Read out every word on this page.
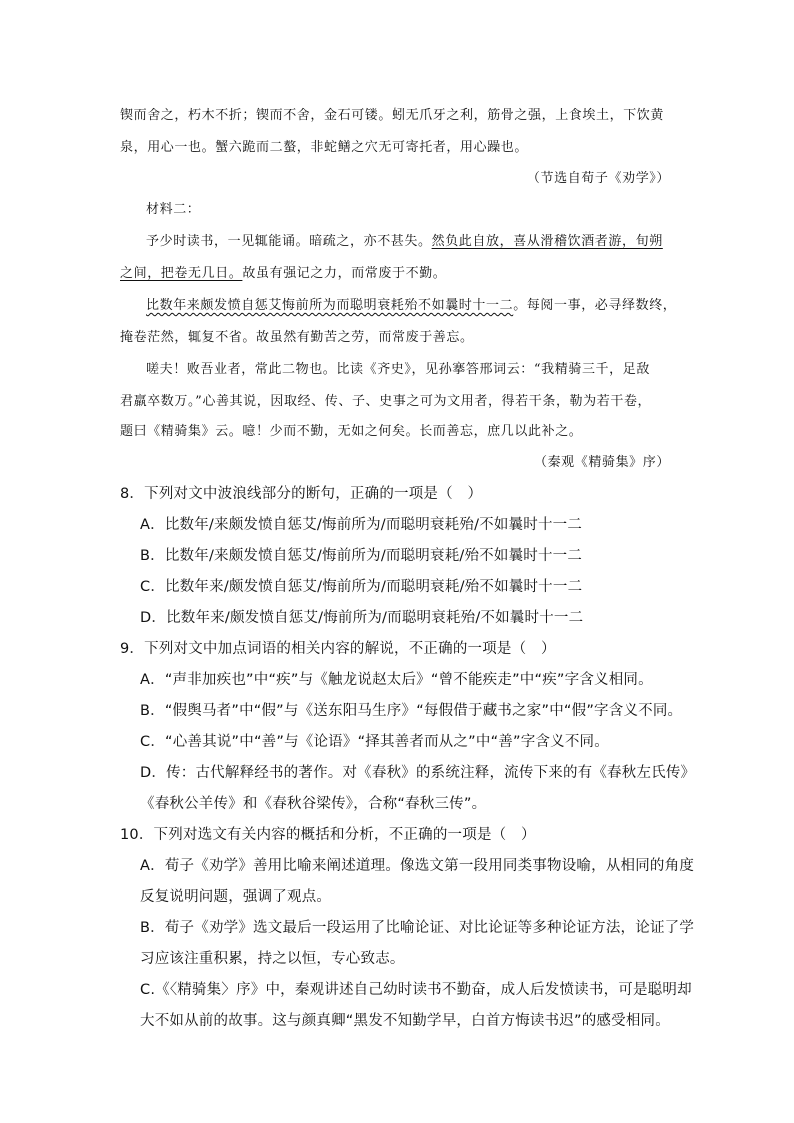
锲而舍之，朽木不折；锲而不舍，金石可镂。蚓无爪牙之利，筋骨之强，上食埃土，下饮黄
泉，用心一也。蟹六跪而二螯，非蛇鳝之穴无可寄托者，用心躁也。
（节选自荀子《劝学》）
材料二：
予少时读书，一见辄能诵。暗疏之，亦不甚失。然负此自放，喜从滑稽饮酒者游，旬朔
之间，把卷无几日。故虽有强记之力，而常废于不勤。
比数年来颇发愤自惩艾悔前所为而聪明衰耗殆不如曩时十一二。每阅一事，必寻绎数终，
掩卷茫然，辄复不省。故虽然有勤苦之劳，而常废于善忘。
嗟夫！败吾业者，常此二物也。比读《齐史》，见孙搴答邢词云：“我精骑三千，足敌
君羸卒数万。”心善其说，因取经、传、子、史事之可为文用者，得若干条，勒为若干卷，
题曰《精骑集》云。噫！少而不勤，无如之何矣。长而善忘，庶几以此补之。
（秦观《精骑集》序）
8．下列对文中波浪线部分的断句，正确的一项是（　）
A．比数年/来颇发愤自惩艾/悔前所为/而聪明衰耗殆/不如曩时十一二
B．比数年/来颇发愤自惩艾/悔前所为/而聪明衰耗/殆不如曩时十一二
C．比数年来/颇发愤自惩艾/悔前所为/而聪明衰耗/殆不如曩时十一二
D．比数年来/颇发愤自惩艾/悔前所为/而聪明衰耗殆/不如曩时十一二
9．下列对文中加点词语的相关内容的解说，不正确的一项是（　）
A．“声非加疾也”中“疾”与《触龙说赵太后》“曾不能疾走”中“疾”字含义相同。
B．“假舆马者”中“假”与《送东阳马生序》“每假借于藏书之家”中“假”字含义不同。
C．“心善其说”中“善”与《论语》“择其善者而从之”中“善”字含义不同。
D．传：古代解释经书的著作。对《春秋》的系统注释，流传下来的有《春秋左氏传》
《春秋公羊传》和《春秋谷梁传》，合称“春秋三传”。
10．下列对选文有关内容的概括和分析，不正确的一项是（　）
A．荀子《劝学》善用比喻来阐述道理。像选文第一段用同类事物设喻，从相同的角度
反复说明问题，强调了观点。
B．荀子《劝学》选文最后一段运用了比喻论证、对比论证等多种论证方法，论证了学
习应该注重积累，持之以恒，专心致志。
C.《〈精骑集〉序》中，秦观讲述自己幼时读书不勤奋，成人后发愤读书，可是聪明却
大不如从前的故事。这与颜真卿“黑发不知勤学早，白首方悔读书迟”的感受相同。
